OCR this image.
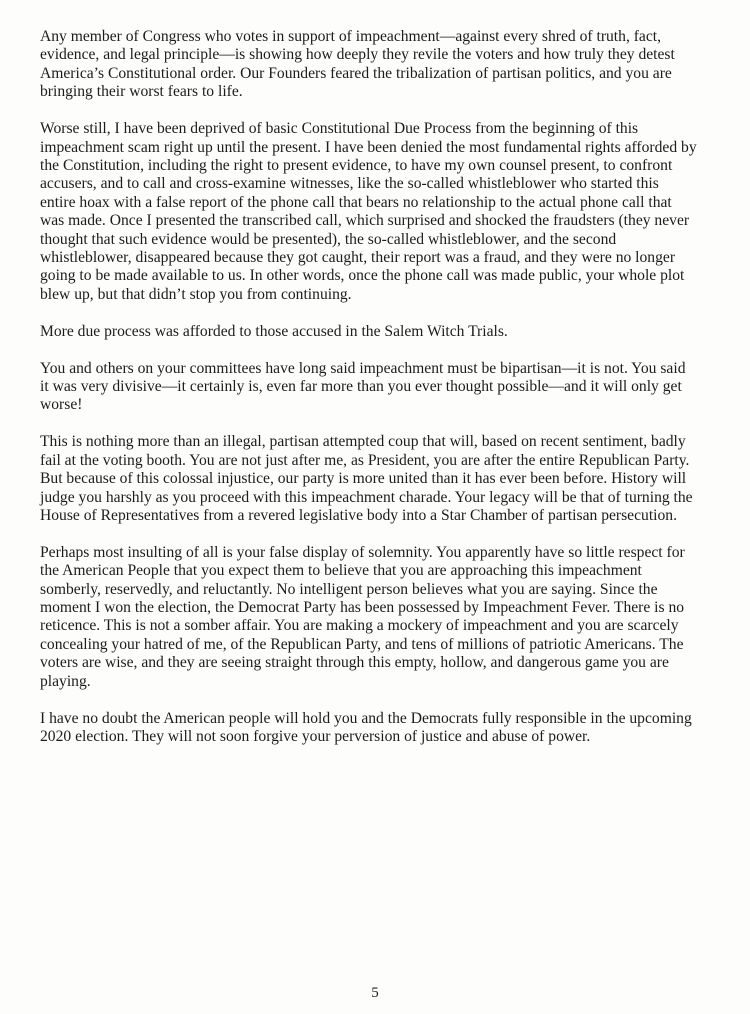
Any member of Congress who votes in support of impeachment—against every shred of truth, fact, evidence, and legal principle—is showing how deeply they revile the voters and how truly they detest America’s Constitutional order. Our Founders feared the tribalization of partisan politics, and you are bringing their worst fears to life.

Worse still, I have been deprived of basic Constitutional Due Process from the beginning of this impeachment scam right up until the present. I have been denied the most fundamental rights afforded by the Constitution, including the right to present evidence, to have my own counsel present, to confront accusers, and to call and cross-examine witnesses, like the so-called whistleblower who started this entire hoax with a false report of the phone call that bears no relationship to the actual phone call that was made. Once I presented the transcribed call, which surprised and shocked the fraudsters (they never thought that such evidence would be presented), the so-called whistleblower, and the second whistleblower, disappeared because they got caught, their report was a fraud, and they were no longer going to be made available to us. In other words, once the phone call was made public, your whole plot blew up, but that didn’t stop you from continuing.

More due process was afforded to those accused in the Salem Witch Trials.

You and others on your committees have long said impeachment must be bipartisan—it is not. You said it was very divisive—it certainly is, even far more than you ever thought possible—and it will only get worse!

This is nothing more than an illegal, partisan attempted coup that will, based on recent sentiment, badly fail at the voting booth. You are not just after me, as President, you are after the entire Republican Party. But because of this colossal injustice, our party is more united than it has ever been before. History will judge you harshly as you proceed with this impeachment charade. Your legacy will be that of turning the House of Representatives from a revered legislative body into a Star Chamber of partisan persecution.

Perhaps most insulting of all is your false display of solemnity. You apparently have so little respect for the American People that you expect them to believe that you are approaching this impeachment somberly, reservedly, and reluctantly. No intelligent person believes what you are saying. Since the moment I won the election, the Democrat Party has been possessed by Impeachment Fever. There is no reticence. This is not a somber affair. You are making a mockery of impeachment and you are scarcely concealing your hatred of me, of the Republican Party, and tens of millions of patriotic Americans. The voters are wise, and they are seeing straight through this empty, hollow, and dangerous game you are playing.

I have no doubt the American people will hold you and the Democrats fully responsible in the upcoming 2020 election. They will not soon forgive your perversion of justice and abuse of power.

5
